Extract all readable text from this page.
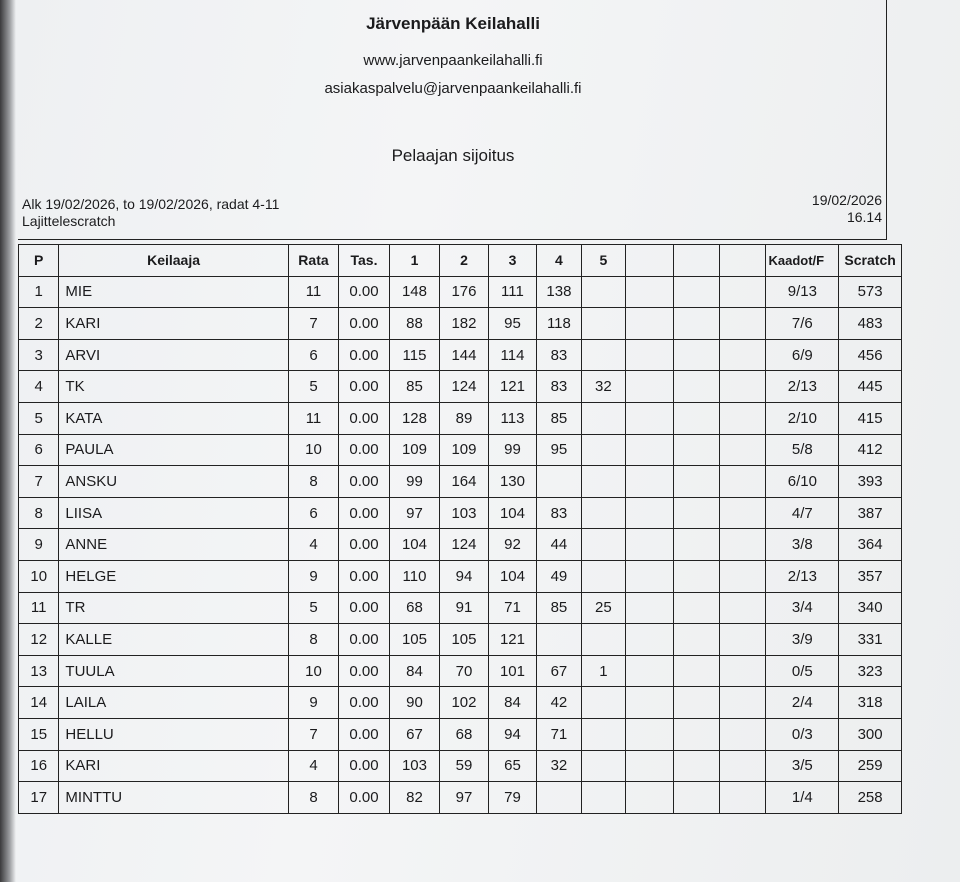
Järvenpään Keilahalli
www.jarvenpaankeilahalli.fi
asiakaspalvelu@jarvenpaankeilahalli.fi
Pelaajan sijoitus
Alk 19/02/2026, to 19/02/2026, radat 4-11
Lajittelescratch
19/02/2026
16.14
P	Keilaaja	Rata	Tas.	1	2	3	4	5				Kaadot/F	Scratch
1	MIE	11	0.00	148	176	111	138					9/13	573
2	KARI	7	0.00	88	182	95	118					7/6	483
3	ARVI	6	0.00	115	144	114	83					6/9	456
4	TK	5	0.00	85	124	121	83	32				2/13	445
5	KATA	11	0.00	128	89	113	85					2/10	415
6	PAULA	10	0.00	109	109	99	95					5/8	412
7	ANSKU	8	0.00	99	164	130						6/10	393
8	LIISA	6	0.00	97	103	104	83					4/7	387
9	ANNE	4	0.00	104	124	92	44					3/8	364
10	HELGE	9	0.00	110	94	104	49					2/13	357
11	TR	5	0.00	68	91	71	85	25				3/4	340
12	KALLE	8	0.00	105	105	121						3/9	331
13	TUULA	10	0.00	84	70	101	67	1				0/5	323
14	LAILA	9	0.00	90	102	84	42					2/4	318
15	HELLU	7	0.00	67	68	94	71					0/3	300
16	KARI	4	0.00	103	59	65	32					3/5	259
17	MINTTU	8	0.00	82	97	79						1/4	258
